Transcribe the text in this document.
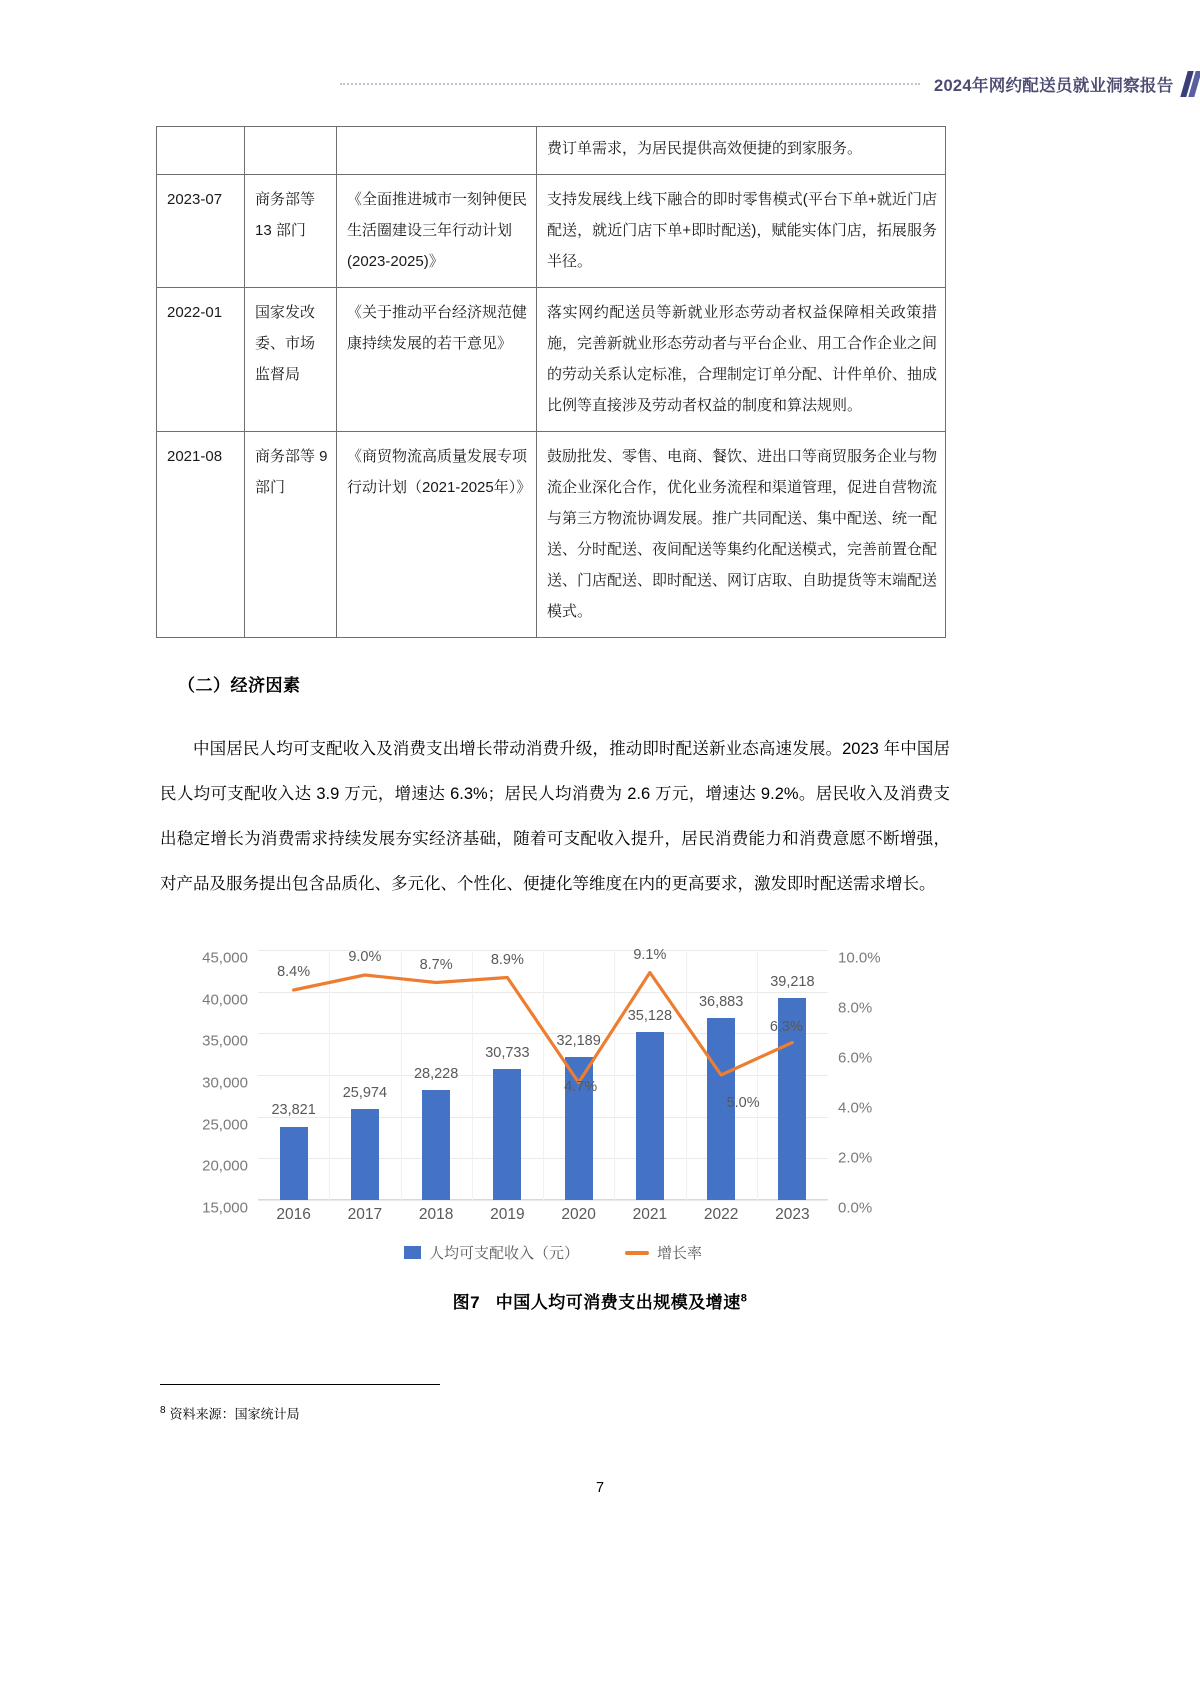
2024年网约配送员就业洞察报告

			费订单需求，为居民提供高效便捷的到家服务。

2023-07	商务部等 13 部门	《全面推进城市一刻钟便民生活圈建设三年行动计划(2023-2025)》	支持发展线上线下融合的即时零售模式(平台下单+就近门店配送，就近门店下单+即时配送)，赋能实体门店，拓展服务半径。

2022-01	国家发改委、市场监督局	《关于推动平台经济规范健康持续发展的若干意见》	落实网约配送员等新就业形态劳动者权益保障相关政策措施，完善新就业形态劳动者与平台企业、用工合作企业之间的劳动关系认定标准，合理制定订单分配、计件单价、抽成比例等直接涉及劳动者权益的制度和算法规则。

2021-08	商务部等 9 部门	《商贸物流高质量发展专项行动计划（2021-2025年）》	鼓励批发、零售、电商、餐饮、进出口等商贸服务企业与物流企业深化合作，优化业务流程和渠道管理，促进自营物流与第三方物流协调发展。推广共同配送、集中配送、统一配送、分时配送、夜间配送等集约化配送模式，完善前置仓配送、门店配送、即时配送、网订店取、自助提货等末端配送模式。
（二）经济因素
中国居民人均可支配收入及消费支出增长带动消费升级，推动即时配送新业态高速发展。2023 年中国居民人均可支配收入达 3.9 万元，增速达 6.3%；居民人均消费为 2.6 万元，增速达 9.2%。居民收入及消费支出稳定增长为消费需求持续发展夯实经济基础，随着可支配收入提升，居民消费能力和消费意愿不断增强，对产品及服务提出包含品质化、多元化、个性化、便捷化等维度在内的更高要求，激发即时配送需求增长。
15,000
20,000
25,000
30,000
35,000
40,000
45,000
0.0%
2.0%
4.0%
6.0%
8.0%
10.0%
23,821
25,974
28,228
30,733
32,189
35,128
36,883
39,218
8.4%
9.0%	8.7%	8.9%
4.7%
9.1%
5.0%
6.3%
2016 2017 2018 2019 2020 2021 2022 2023
人均可支配收入（元）	增长率
图7 中国人均可消费支出规模及增速$^8$
$^8$ 资料来源：国家统计局
7
